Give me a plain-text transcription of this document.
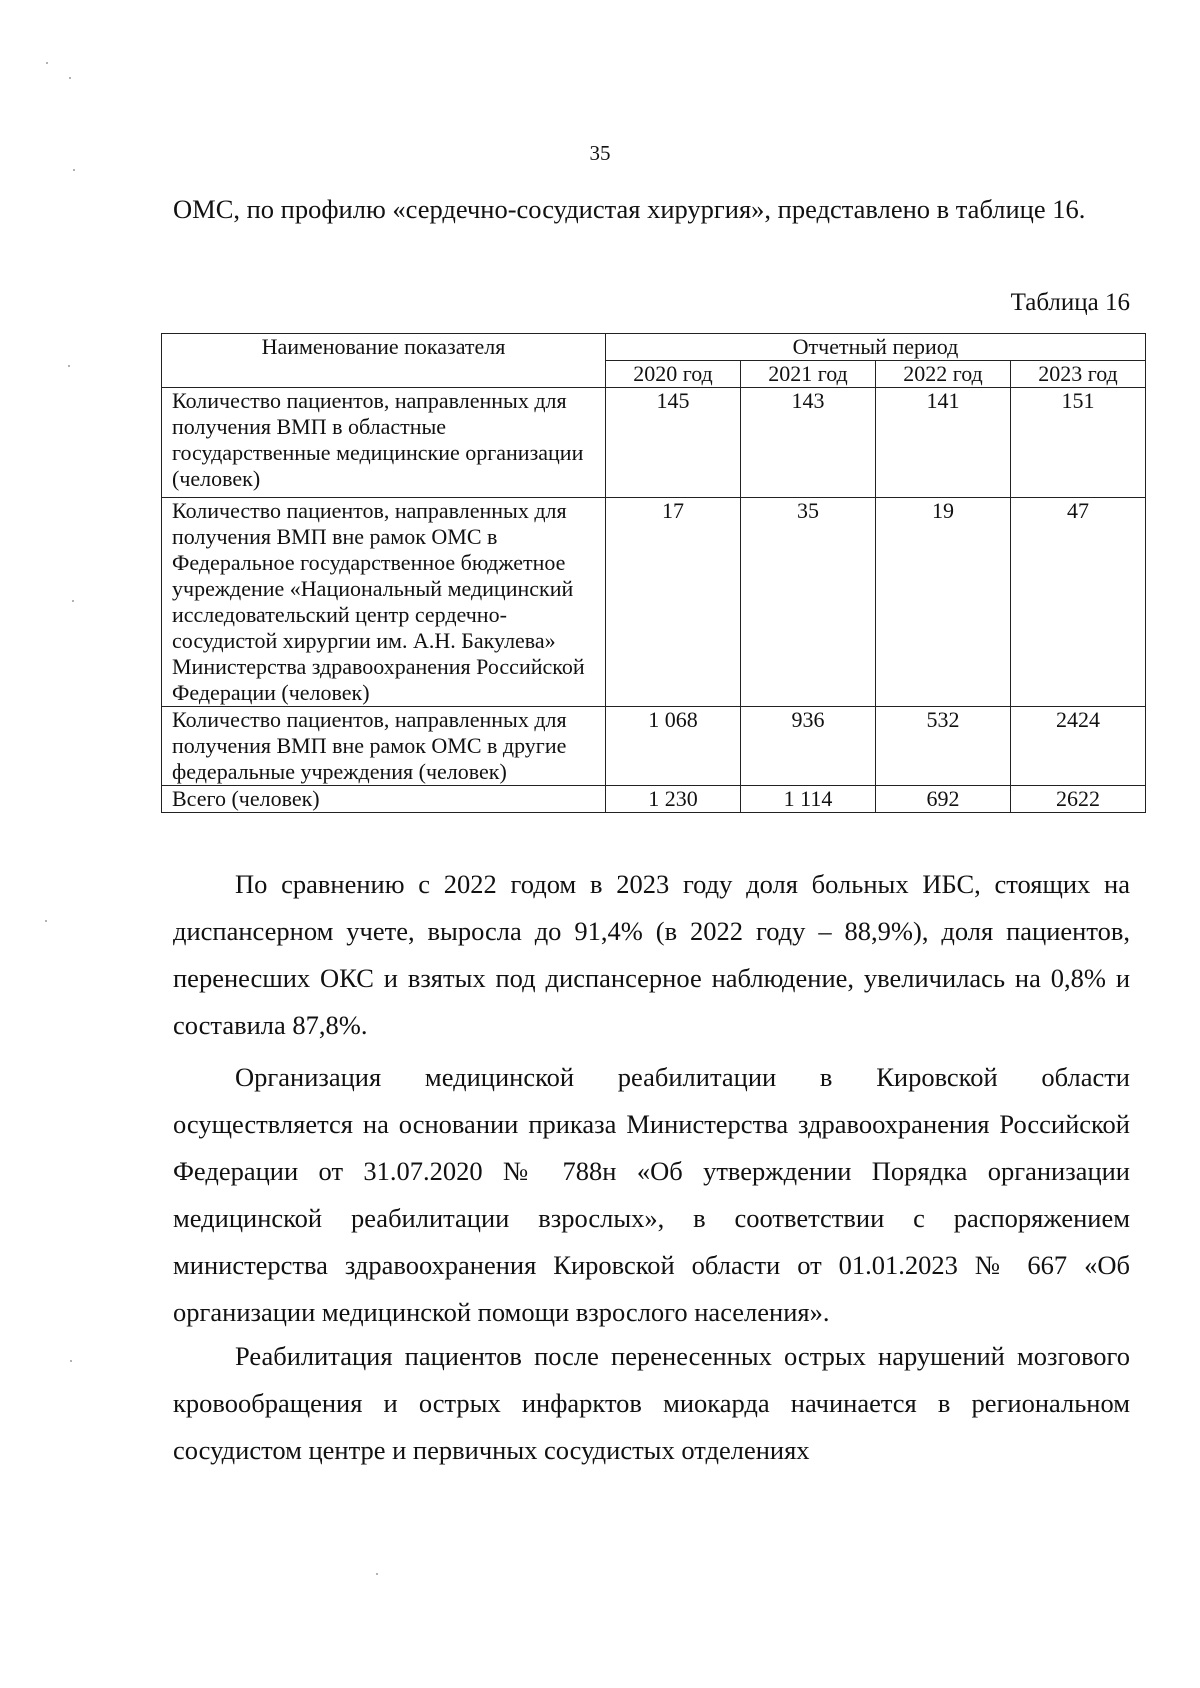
35

ОМС, по профилю «сердечно-сосудистая хирургия», представлено в таблице 16.

Таблица 16
Наименование показателя	Отчетный период			
	2020 год	2021 год	2022 год	2023 год
Количество пациентов, направленных для получения ВМП в областные государственные медицинские организации (человек)	145	143	141	151
Количество пациентов, направленных для получения ВМП вне рамок ОМС в Федеральное государственное бюджетное учреждение «Национальный медицинский исследовательский центр сердечно-сосудистой хирургии им. А.Н. Бакулева» Министерства здравоохранения Российской Федерации (человек)	17	35	19	47
Количество пациентов, направленных для получения ВМП вне рамок ОМС в другие федеральные учреждения (человек)	1 068	936	532	2424
Всего (человек)	1 230	1 114	692	2622

По сравнению с 2022 годом в 2023 году доля больных ИБС, стоящих на диспансерном учете, выросла до 91,4% (в 2022 году – 88,9%), доля пациентов, перенесших ОКС и взятых под диспансерное наблюдение, увеличилась на 0,8% и составила 87,8%.

Организация медицинской реабилитации в Кировской области осуществляется на основании приказа Министерства здравоохранения Российской Федерации от 31.07.2020 № 788н «Об утверждении Порядка организации медицинской реабилитации взрослых», в соответствии с распоряжением министерства здравоохранения Кировской области от 01.01.2023 № 667 «Об организации медицинской помощи взрослого населения».

Реабилитация пациентов после перенесенных острых нарушений мозгового кровообращения и острых инфарктов миокарда начинается в региональном сосудистом центре и первичных сосудистых отделениях
